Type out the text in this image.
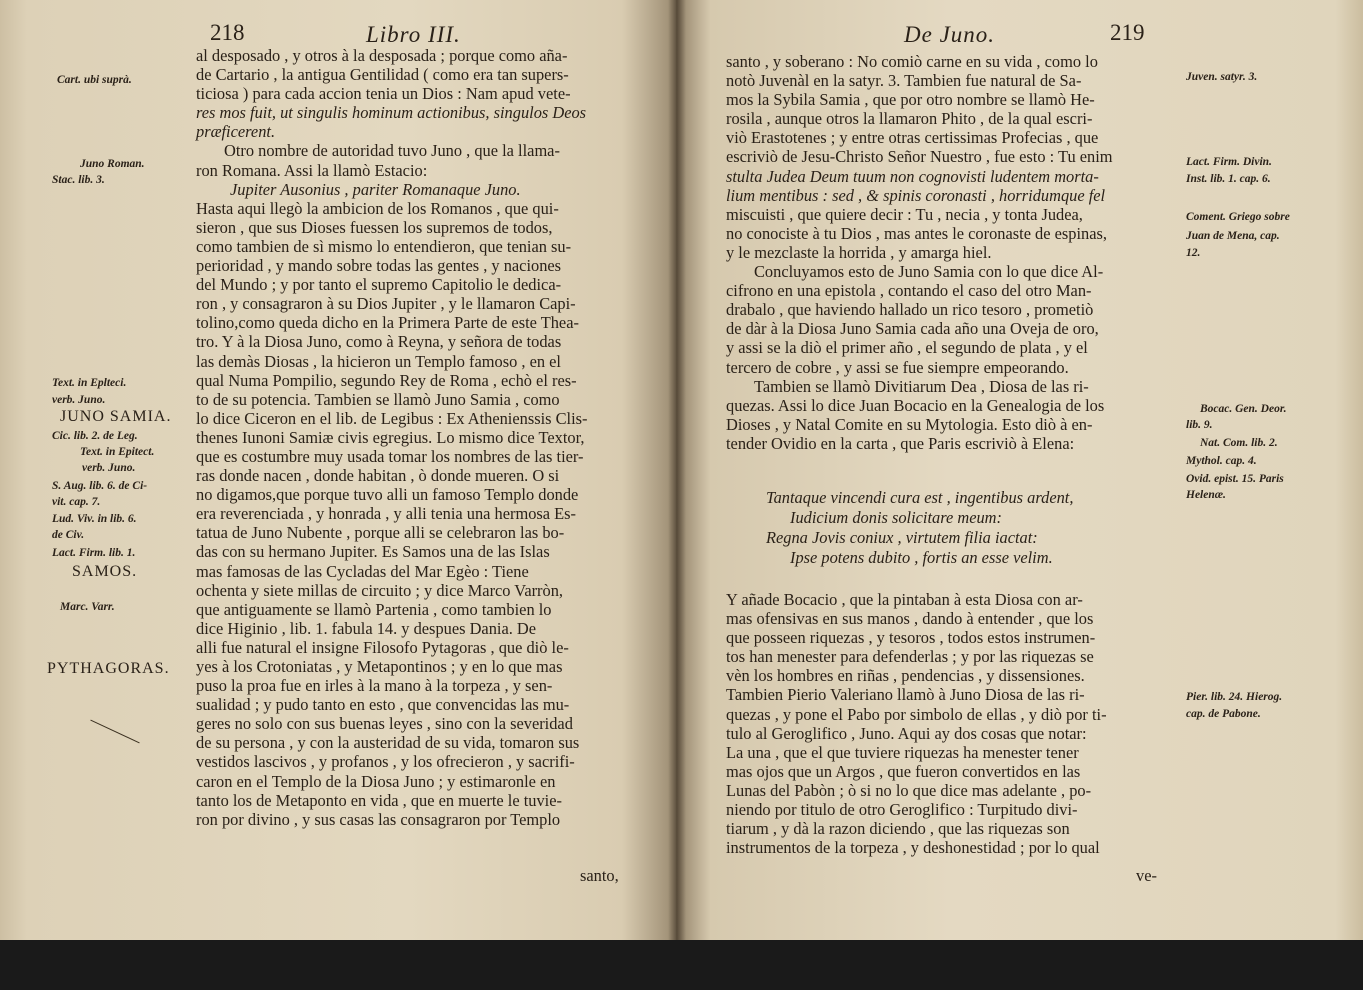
218	Libro III.
Cart. ubi suprà.
Juno Roman.
Stac. lib. 3.
Text. in Eplteci.
verb. Juno.
JUNO SAMIA.
Cic. lib. 2. de Leg.
Text. in Epitect.
verb. Juno.
S. Aug. lib. 6. de Ci-
vit. cap. 7.
Lud. Viv. in lib. 6.
de Civ.
Lact. Firm. lib. 1.
SAMOS.
Marc. Varr.
PYTHAGORAS.

al desposado , y otros à la desposada ; porque como aña-

de Cartario , la antigua Gentilidad ( como era tan supers-

ticiosa ) para cada accion tenia un Dios : Nam apud vete-

res mos fuit, ut singulis hominum actionibus, singulos Deos

præficerent.

Otro nombre de autoridad tuvo Juno , que la llama-

ron Romana. Assi la llamò Estacio:

Jupiter Ausonius , pariter Romanaque Juno.

Hasta aqui llegò la ambicion de los Romanos , que qui-

sieron , que sus Dioses fuessen los supremos de todos,

como tambien de sì mismo lo entendieron, que tenian su-

perioridad , y mando sobre todas las gentes , y naciones

del Mundo ; y por tanto el supremo Capitolio le dedica-

ron , y consagraron à su Dios Jupiter , y le llamaron Capi-

tolino,como queda dicho en la Primera Parte de este Thea-

tro. Y à la Diosa Juno, como à Reyna, y señora de todas

las demàs Diosas , la hicieron un Templo famoso , en el

qual Numa Pompilio, segundo Rey de Roma , echò el res-

to de su potencia. Tambien se llamò Juno Samia , como

lo dice Ciceron en el lib. de Legibus : Ex Athenienssis Clis-

thenes Iunoni Samiæ civis egregius. Lo mismo dice Textor,

que es costumbre muy usada tomar los nombres de las tier-

ras donde nacen , donde habitan , ò donde mueren. O si

no digamos,que porque tuvo alli un famoso Templo donde

era reverenciada , y honrada , y alli tenia una hermosa Es-

tatua de Juno Nubente , porque alli se celebraron las bo-

das con su hermano Jupiter. Es Samos una de las Islas

mas famosas de las Cycladas del Mar Egèo : Tiene

ochenta y siete millas de circuito ; y dice Marco Varròn,

que antiguamente se llamò Partenia , como tambien lo

dice Higinio , lib. 1. fabula 14. y despues Dania. De

alli fue natural el insigne Filosofo Pytagoras , que diò le-

yes à los Crotoniatas , y Metapontinos ; y en lo que mas

puso la proa fue en irles à la mano à la torpeza , y sen-

sualidad ; y pudo tanto en esto , que convencidas las mu-

geres no solo con sus buenas leyes , sino con la severidad

de su persona , y con la austeridad de su vida, tomaron sus

vestidos lascivos , y profanos , y los ofrecieron , y sacrifi-

caron en el Templo de la Diosa Juno ; y estimaronle en

tanto los de Metaponto en vida , que en muerte le tuvie-

ron por divino , y sus casas las consagraron por Templo

santo,
De Juno.	219

santo , y soberano : No comiò carne en su vida , como lo

notò Juvenàl en la satyr. 3. Tambien fue natural de Sa-

mos la Sybila Samia , que por otro nombre se llamò He-

rosila , aunque otros la llamaron Phito , de la qual escri-

viò Erastotenes ; y entre otras certissimas Profecias , que

escriviò de Jesu-Christo Señor Nuestro , fue esto : Tu enim

stulta Judea Deum tuum non cognovisti ludentem morta-

lium mentibus : sed , & spinis coronasti , horridumque fel

miscuisti , que quiere decir : Tu , necia , y tonta Judea,

no conociste à tu Dios , mas antes le coronaste de espinas,

y le mezclaste la horrida , y amarga hiel.

Concluyamos esto de Juno Samia con lo que dice Al-

cifrono en una epistola , contando el caso del otro Man-

drabalo , que haviendo hallado un rico tesoro , prometiò

de dàr à la Diosa Juno Samia cada año una Oveja de oro,

y assi se la diò el primer año , el segundo de plata , y el

tercero de cobre , y assi se fue siempre empeorando.

Tambien se llamò Divitiarum Dea , Diosa de las ri-

quezas. Assi lo dice Juan Bocacio en la Genealogia de los

Dioses , y Natal Comite en su Mytologia. Esto diò à en-

tender Ovidio en la carta , que Paris escriviò à Elena:

Tantaque vincendi cura est , ingentibus ardent,

Iudicium donis solicitare meum:

Regna Jovis coniux , virtutem filia iactat:

Ipse potens dubito , fortis an esse velim.

Y añade Bocacio , que la pintaban à esta Diosa con ar-

mas ofensivas en sus manos , dando à entender , que los

que posseen riquezas , y tesoros , todos estos instrumen-

tos han menester para defenderlas ; y por las riquezas se

vèn los hombres en riñas , pendencias , y dissensiones.

Tambien Pierio Valeriano llamò à Juno Diosa de las ri-

quezas , y pone el Pabo por simbolo de ellas , y diò por ti-

tulo al Geroglifico , Juno. Aqui ay dos cosas que notar:

La una , que el que tuviere riquezas ha menester tener

mas ojos que un Argos , que fueron convertidos en las

Lunas del Pabòn ; ò si no lo que dice mas adelante , po-

niendo por titulo de otro Geroglifico : Turpitudo divi-

tiarum , y dà la razon diciendo , que las riquezas son

instrumentos de la torpeza , y deshonestidad ; por lo qual

ve-
Juven. satyr. 3.
Lact. Firm. Divin.
Inst. lib. 1. cap. 6.
Coment. Griego sobre
Juan de Mena, cap.
12.
Bocac. Gen. Deor.
lib. 9.
Nat. Com. lib. 2.
Mythol. cap. 4.
Ovid. epist. 15. Paris
Helenæ.
Pier. lib. 24. Hierog.
cap. de Pabone.
